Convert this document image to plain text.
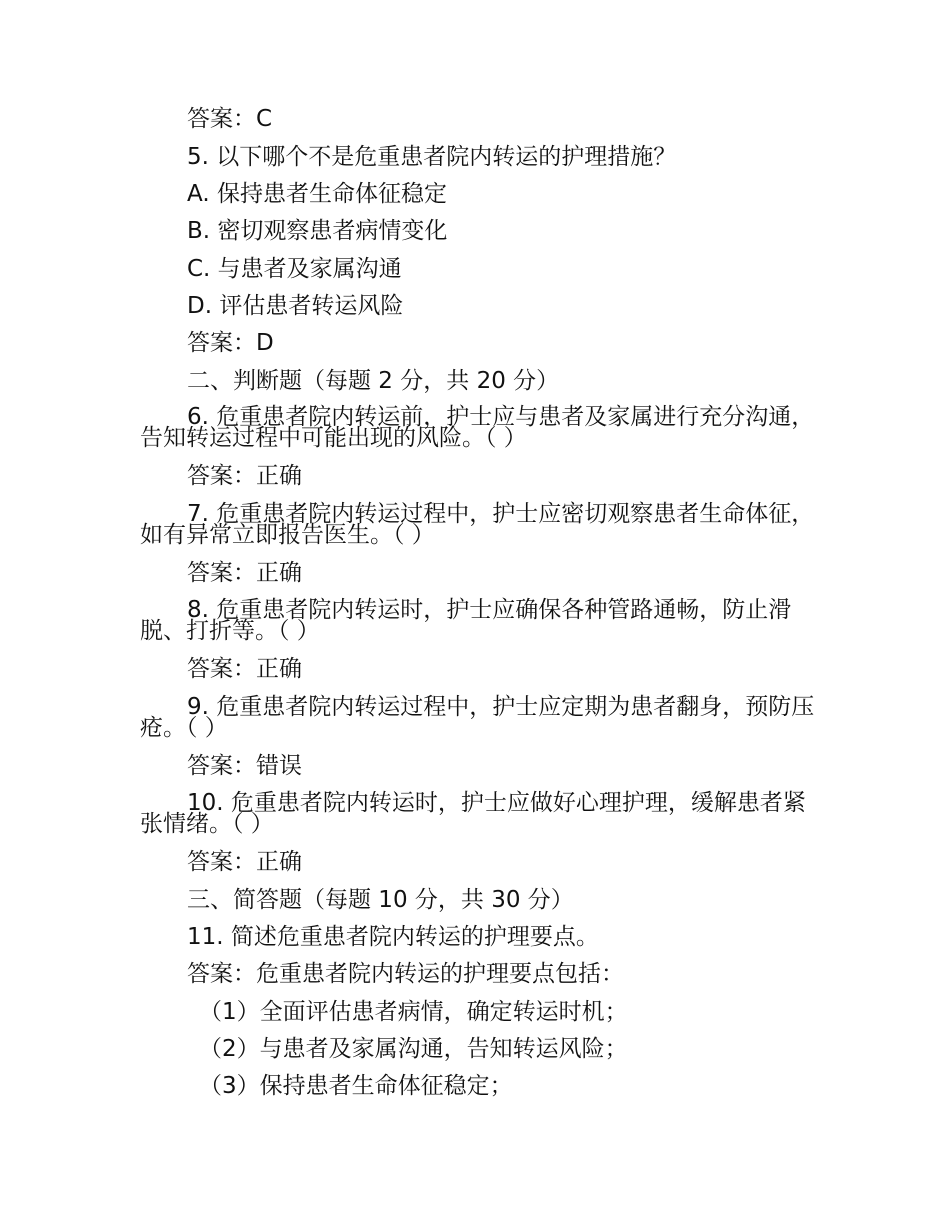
答案：C
5. 以下哪个不是危重患者院内转运的护理措施？
A. 保持患者生命体征稳定
B. 密切观察患者病情变化
C. 与患者及家属沟通
D. 评估患者转运风险
答案：D
二、判断题（每题 2 分，共 20 分）
6. 危重患者院内转运前，护士应与患者及家属进行充分沟通，告知转运过程中可能出现的风险。（ ）
答案：正确
7. 危重患者院内转运过程中，护士应密切观察患者生命体征，如有异常立即报告医生。（ ）
答案：正确
8. 危重患者院内转运时，护士应确保各种管路通畅，防止滑脱、打折等。（ ）
答案：正确
9. 危重患者院内转运过程中，护士应定期为患者翻身，预防压疮。（ ）
答案：错误
10. 危重患者院内转运时，护士应做好心理护理，缓解患者紧张情绪。（ ）
答案：正确
三、简答题（每题 10 分，共 30 分）
11. 简述危重患者院内转运的护理要点。
答案：危重患者院内转运的护理要点包括：
（1）全面评估患者病情，确定转运时机；
（2）与患者及家属沟通，告知转运风险；
（3）保持患者生命体征稳定；
